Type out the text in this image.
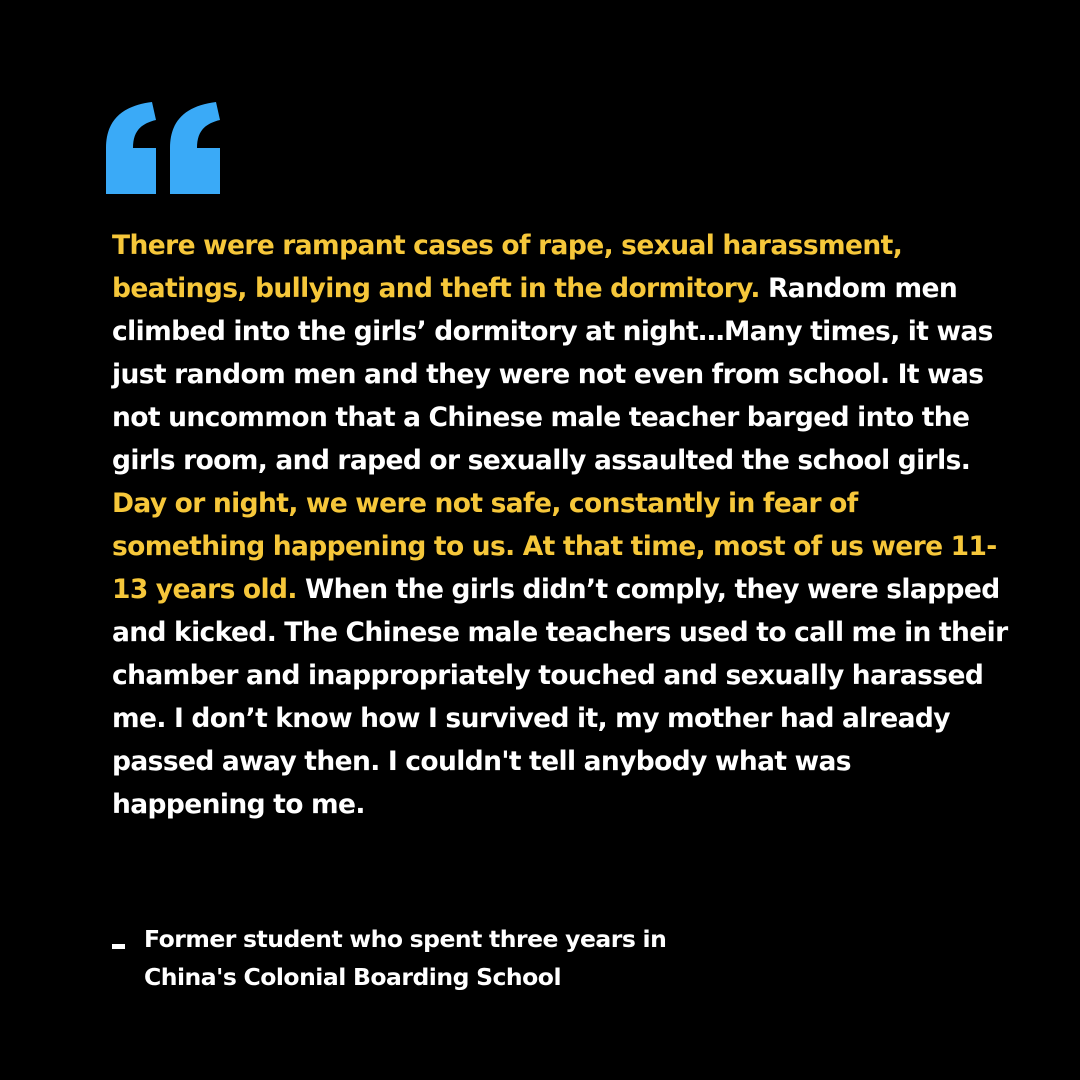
There were rampant cases of rape, sexual harassment, beatings, bullying and theft in the dormitory. Random men climbed into the girls’ dormitory at night…Many times, it was just random men and they were not even from school. It was not uncommon that a Chinese male teacher barged into the girls room, and raped or sexually assaulted the school girls. Day or night, we were not safe, constantly in fear of something happening to us. At that time, most of us were 11-13 years old. When the girls didn’t comply, they were slapped and kicked. The Chinese male teachers used to call me in their chamber and inappropriately touched and sexually harassed me. I don’t know how I survived it, my mother had already passed away then. I couldn't tell anybody what was happening to me.

Former student who spent three years in
China's Colonial Boarding School
